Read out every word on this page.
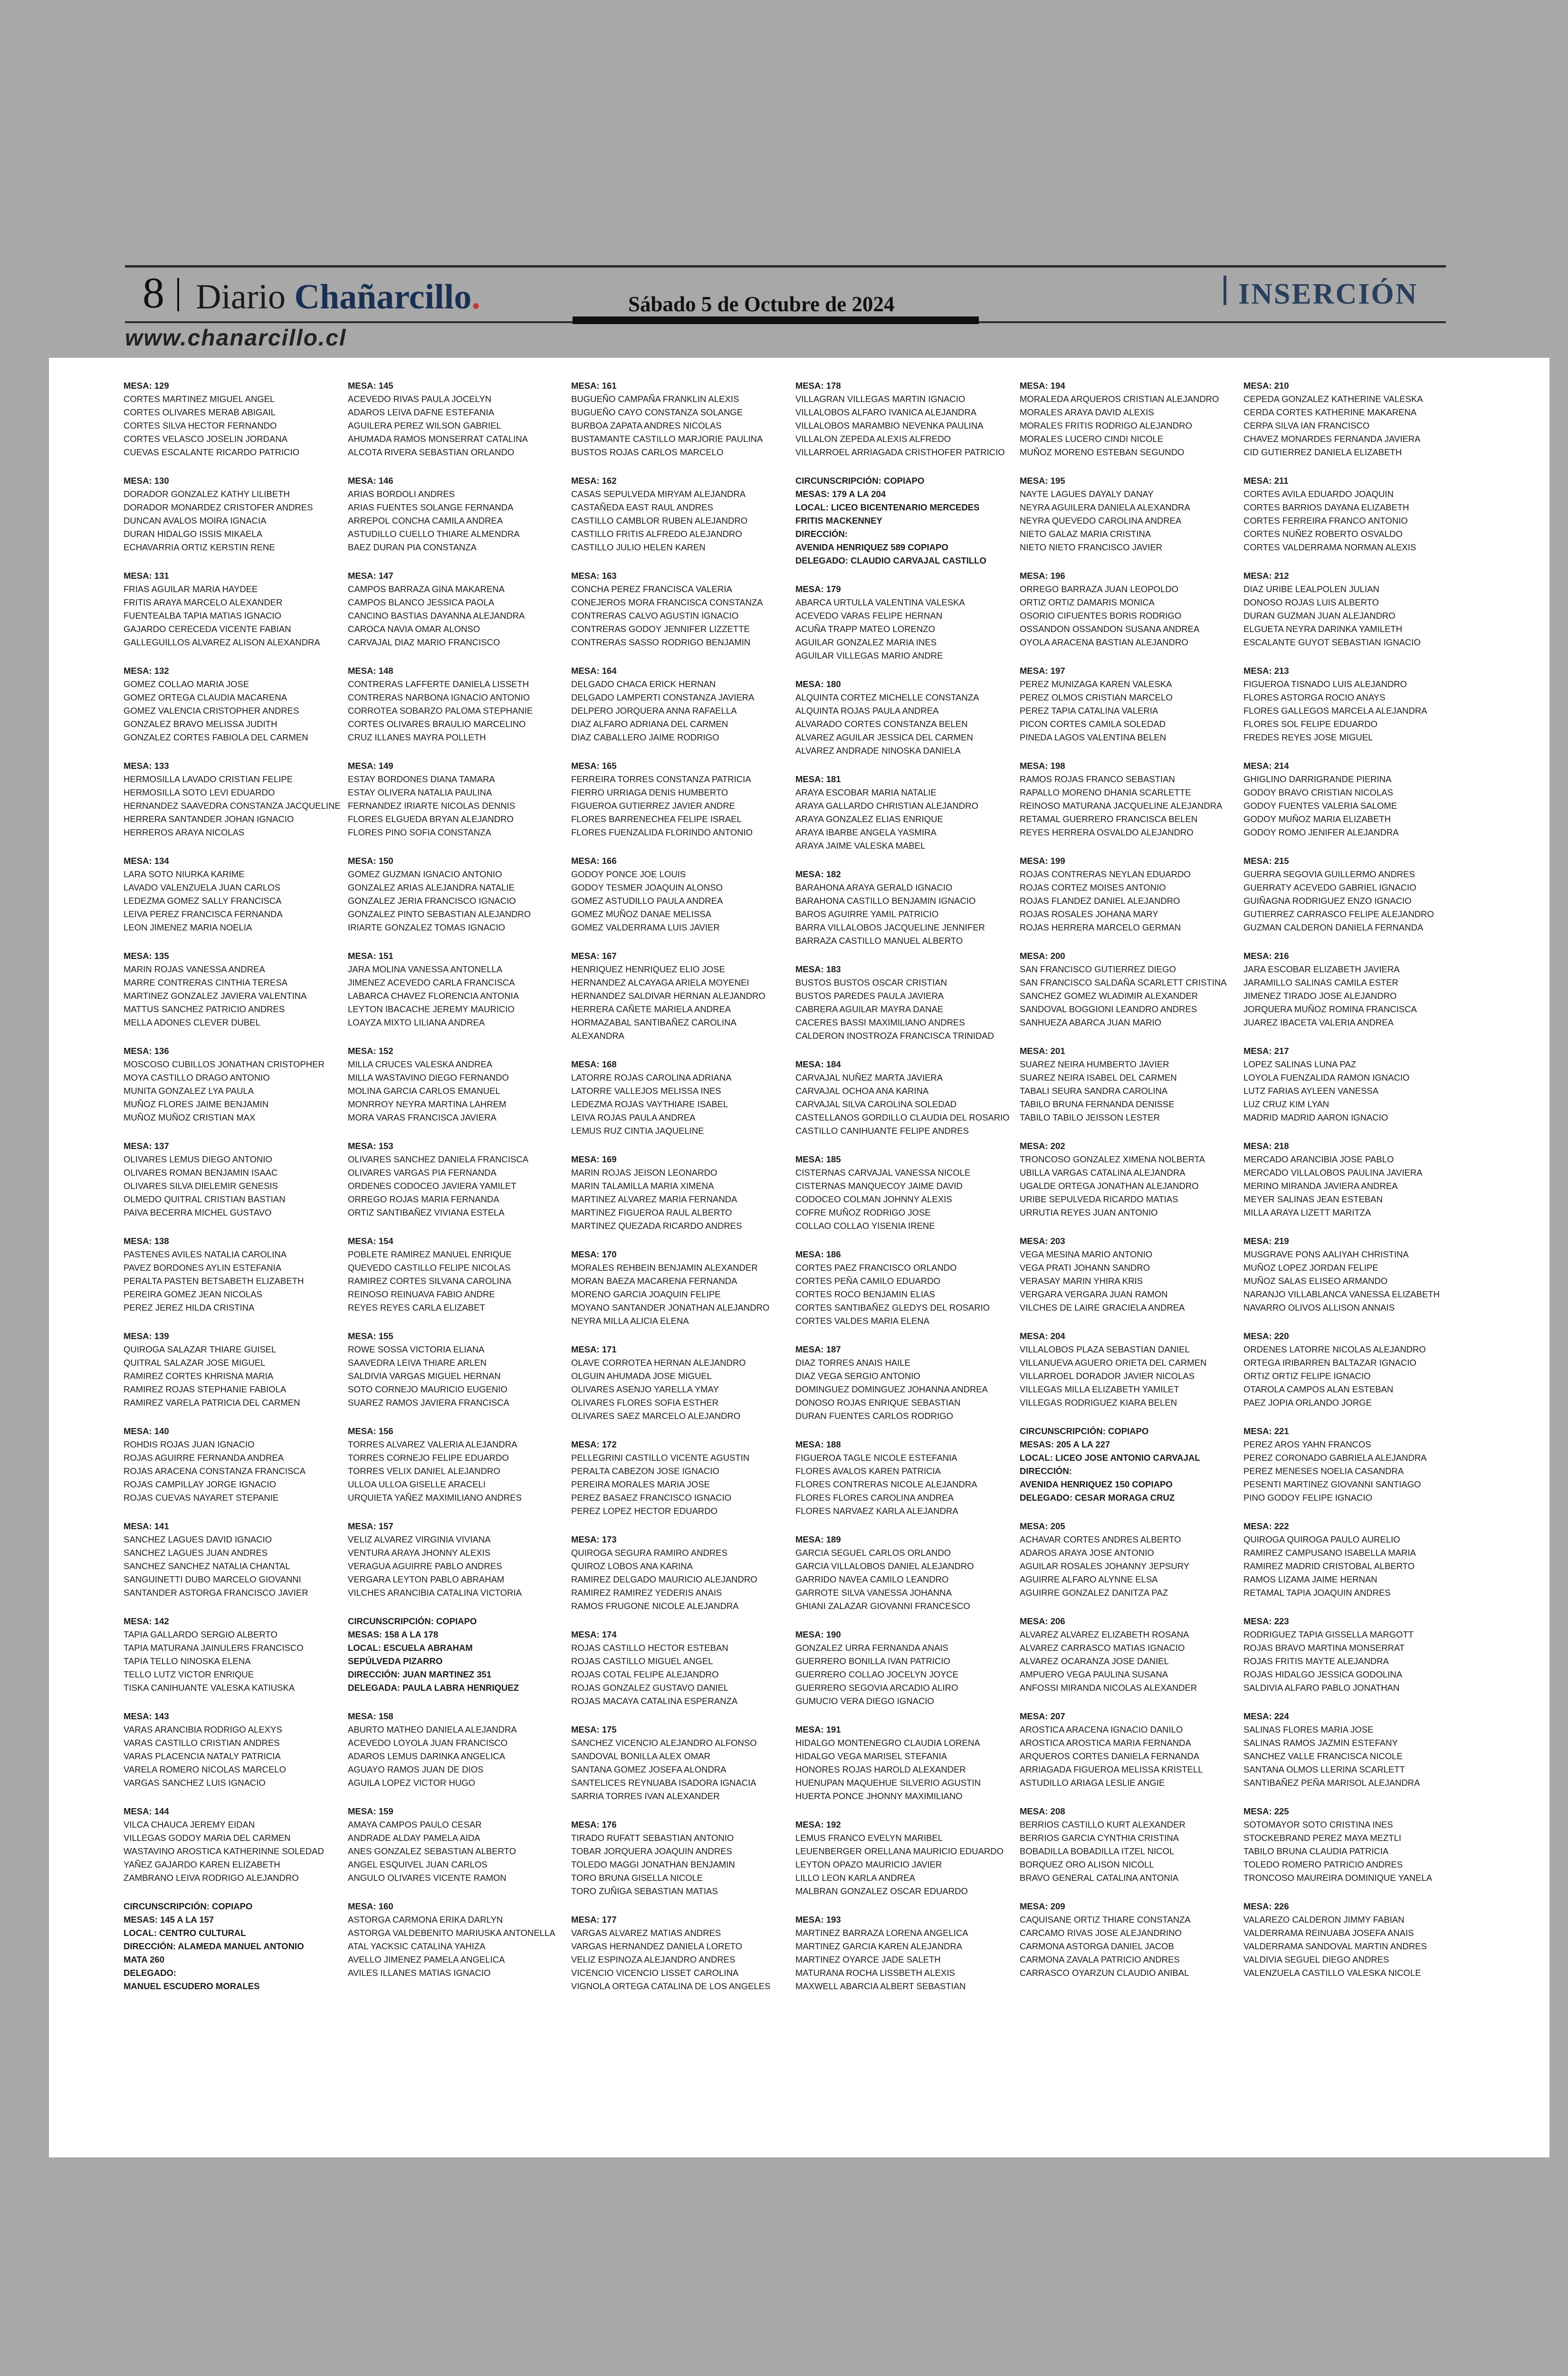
8 Diario Chañarcillo.	Sábado 5 de Octubre de 2024	INSERCIÓN
www.chanarcillo.cl
MESA: 129
CORTES MARTINEZ MIGUEL ANGEL
CORTES OLIVARES MERAB ABIGAIL
CORTES SILVA HECTOR FERNANDO
CORTES VELASCO JOSELIN JORDANA
CUEVAS ESCALANTE RICARDO PATRICIO
MESA: 130
DORADOR GONZALEZ KATHY LILIBETH
DORADOR MONARDEZ CRISTOFER ANDRES
DUNCAN AVALOS MOIRA IGNACIA
DURAN HIDALGO ISSIS MIKAELA
ECHAVARRIA ORTIZ KERSTIN RENE
MESA: 131
FRIAS AGUILAR MARIA HAYDEE
FRITIS ARAYA MARCELO ALEXANDER
FUENTEALBA TAPIA MATIAS IGNACIO
GAJARDO CERECEDA VICENTE FABIAN
GALLEGUILLOS ALVAREZ ALISON ALEXANDRA
MESA: 132
GOMEZ COLLAO MARIA JOSE
GOMEZ ORTEGA CLAUDIA MACARENA
GOMEZ VALENCIA CRISTOPHER ANDRES
GONZALEZ BRAVO MELISSA JUDITH
GONZALEZ CORTES FABIOLA DEL CARMEN
MESA: 133
HERMOSILLA LAVADO CRISTIAN FELIPE
HERMOSILLA SOTO LEVI EDUARDO
HERNANDEZ SAAVEDRA CONSTANZA JACQUELINE
HERRERA SANTANDER JOHAN IGNACIO
HERREROS ARAYA NICOLAS
MESA: 134
LARA SOTO NIURKA KARIME
LAVADO VALENZUELA JUAN CARLOS
LEDEZMA GOMEZ SALLY FRANCISCA
LEIVA PEREZ FRANCISCA FERNANDA
LEON JIMENEZ MARIA NOELIA
MESA: 135
MARIN ROJAS VANESSA ANDREA
MARRE CONTRERAS CINTHIA TERESA
MARTINEZ GONZALEZ JAVIERA VALENTINA
MATTUS SANCHEZ PATRICIO ANDRES
MELLA ADONES CLEVER DUBEL
MESA: 136
MOSCOSO CUBILLOS JONATHAN CRISTOPHER
MOYA CASTILLO DRAGO ANTONIO
MUNITA GONZALEZ LYA PAULA
MUÑOZ FLORES JAIME BENJAMIN
MUÑOZ MUÑOZ CRISTIAN MAX
MESA: 137
OLIVARES LEMUS DIEGO ANTONIO
OLIVARES ROMAN BENJAMIN ISAAC
OLIVARES SILVA DIELEMIR GENESIS
OLMEDO QUITRAL CRISTIAN BASTIAN
PAIVA BECERRA MICHEL GUSTAVO
MESA: 138
PASTENES AVILES NATALIA CAROLINA
PAVEZ BORDONES AYLIN ESTEFANIA
PERALTA PASTEN BETSABETH ELIZABETH
PEREIRA GOMEZ JEAN NICOLAS
PEREZ JEREZ HILDA CRISTINA
MESA: 139
QUIROGA SALAZAR THIARE GUISEL
QUITRAL SALAZAR JOSE MIGUEL
RAMIREZ CORTES KHRISNA MARIA
RAMIREZ ROJAS STEPHANIE FABIOLA
RAMIREZ VARELA PATRICIA DEL CARMEN
MESA: 140
ROHDIS ROJAS JUAN IGNACIO
ROJAS AGUIRRE FERNANDA ANDREA
ROJAS ARACENA CONSTANZA FRANCISCA
ROJAS CAMPILLAY JORGE IGNACIO
ROJAS CUEVAS NAYARET STEPANIE
MESA: 141
SANCHEZ LAGUES DAVID IGNACIO
SANCHEZ LAGUES JUAN ANDRES
SANCHEZ SANCHEZ NATALIA CHANTAL
SANGUINETTI DUBO MARCELO GIOVANNI
SANTANDER ASTORGA FRANCISCO JAVIER
MESA: 142
TAPIA GALLARDO SERGIO ALBERTO
TAPIA MATURANA JAINULERS FRANCISCO
TAPIA TELLO NINOSKA ELENA
TELLO LUTZ VICTOR ENRIQUE
TISKA CANIHUANTE VALESKA KATIUSKA
MESA: 143
VARAS ARANCIBIA RODRIGO ALEXYS
VARAS CASTILLO CRISTIAN ANDRES
VARAS PLACENCIA NATALY PATRICIA
VARELA ROMERO NICOLAS MARCELO
VARGAS SANCHEZ LUIS IGNACIO
MESA: 144
VILCA CHAUCA JEREMY EIDAN
VILLEGAS GODOY MARIA DEL CARMEN
WASTAVINO AROSTICA KATHERINNE SOLEDAD
YAÑEZ GAJARDO KAREN ELIZABETH
ZAMBRANO LEIVA RODRIGO ALEJANDRO
CIRCUNSCRIPCIÓN: COPIAPO
MESAS: 145 A LA 157
LOCAL: CENTRO CULTURAL
DIRECCIÓN: ALAMEDA MANUEL ANTONIO
MATA 260
DELEGADO:
MANUEL ESCUDERO MORALES
MESA: 145
ACEVEDO RIVAS PAULA JOCELYN
ADAROS LEIVA DAFNE ESTEFANIA
AGUILERA PEREZ WILSON GABRIEL
AHUMADA RAMOS MONSERRAT CATALINA
ALCOTA RIVERA SEBASTIAN ORLANDO
MESA: 146
ARIAS BORDOLI ANDRES
ARIAS FUENTES SOLANGE FERNANDA
ARREPOL CONCHA CAMILA ANDREA
ASTUDILLO CUELLO THIARE ALMENDRA
BAEZ DURAN PIA CONSTANZA
MESA: 147
CAMPOS BARRAZA GINA MAKARENA
CAMPOS BLANCO JESSICA PAOLA
CANCINO BASTIAS DAYANNA ALEJANDRA
CAROCA NAVIA OMAR ALONSO
CARVAJAL DIAZ MARIO FRANCISCO
MESA: 148
CONTRERAS LAFFERTE DANIELA LISSETH
CONTRERAS NARBONA IGNACIO ANTONIO
CORROTEA SOBARZO PALOMA STEPHANIE
CORTES OLIVARES BRAULIO MARCELINO
CRUZ ILLANES MAYRA POLLETH
MESA: 149
ESTAY BORDONES DIANA TAMARA
ESTAY OLIVERA NATALIA PAULINA
FERNANDEZ IRIARTE NICOLAS DENNIS
FLORES ELGUEDA BRYAN ALEJANDRO
FLORES PINO SOFIA CONSTANZA
MESA: 150
GOMEZ GUZMAN IGNACIO ANTONIO
GONZALEZ ARIAS ALEJANDRA NATALIE
GONZALEZ JERIA FRANCISCO IGNACIO
GONZALEZ PINTO SEBASTIAN ALEJANDRO
IRIARTE GONZALEZ TOMAS IGNACIO
MESA: 151
JARA MOLINA VANESSA ANTONELLA
JIMENEZ ACEVEDO CARLA FRANCISCA
LABARCA CHAVEZ FLORENCIA ANTONIA
LEYTON IBACACHE JEREMY MAURICIO
LOAYZA MIXTO LILIANA ANDREA
MESA: 152
MILLA CRUCES VALESKA ANDREA
MILLA WASTAVINO DIEGO FERNANDO
MOLINA GARCIA CARLOS EMANUEL
MONRROY NEYRA MARTINA LAHREM
MORA VARAS FRANCISCA JAVIERA
MESA: 153
OLIVARES SANCHEZ DANIELA FRANCISCA
OLIVARES VARGAS PIA FERNANDA
ORDENES CODOCEO JAVIERA YAMILET
ORREGO ROJAS MARIA FERNANDA
ORTIZ SANTIBAÑEZ VIVIANA ESTELA
MESA: 154
POBLETE RAMIREZ MANUEL ENRIQUE
QUEVEDO CASTILLO FELIPE NICOLAS
RAMIREZ CORTES SILVANA CAROLINA
REINOSO REINUAVA FABIO ANDRE
REYES REYES CARLA ELIZABET
MESA: 155
ROWE SOSSA VICTORIA ELIANA
SAAVEDRA LEIVA THIARE ARLEN
SALDIVIA VARGAS MIGUEL HERNAN
SOTO CORNEJO MAURICIO EUGENIO
SUAREZ RAMOS JAVIERA FRANCISCA
MESA: 156
TORRES ALVAREZ VALERIA ALEJANDRA
TORRES CORNEJO FELIPE EDUARDO
TORRES VELIX DANIEL ALEJANDRO
ULLOA ULLOA GISELLE ARACELI
URQUIETA YAÑEZ MAXIMILIANO ANDRES
MESA: 157
VELIZ ALVAREZ VIRGINIA VIVIANA
VENTURA ARAYA JHONNY ALEXIS
VERAGUA AGUIRRE PABLO ANDRES
VERGARA LEYTON PABLO ABRAHAM
VILCHES ARANCIBIA CATALINA VICTORIA
CIRCUNSCRIPCIÓN: COPIAPO
MESAS: 158 A LA 178
LOCAL: ESCUELA ABRAHAM
SEPÚLVEDA PIZARRO
DIRECCIÓN: JUAN MARTINEZ 351
DELEGADA: PAULA LABRA HENRIQUEZ
MESA: 158
ABURTO MATHEO DANIELA ALEJANDRA
ACEVEDO LOYOLA JUAN FRANCISCO
ADAROS LEMUS DARINKA ANGELICA
AGUAYO RAMOS JUAN DE DIOS
AGUILA LOPEZ VICTOR HUGO
MESA: 159
AMAYA CAMPOS PAULO CESAR
ANDRADE ALDAY PAMELA AIDA
ANES GONZALEZ SEBASTIAN ALBERTO
ANGEL ESQUIVEL JUAN CARLOS
ANGULO OLIVARES VICENTE RAMON
MESA: 160
ASTORGA CARMONA ERIKA DARLYN
ASTORGA VALDEBENITO MARIUSKA ANTONELLA
ATAL YACKSIC CATALINA YAHIZA
AVELLO JIMENEZ PAMELA ANGELICA
AVILES ILLANES MATIAS IGNACIO
MESA: 161
BUGUEÑO CAMPAÑA FRANKLIN ALEXIS
BUGUEÑO CAYO CONSTANZA SOLANGE
BURBOA ZAPATA ANDRES NICOLAS
BUSTAMANTE CASTILLO MARJORIE PAULINA
BUSTOS ROJAS CARLOS MARCELO
MESA: 162
CASAS SEPULVEDA MIRYAM ALEJANDRA
CASTAÑEDA EAST RAUL ANDRES
CASTILLO CAMBLOR RUBEN ALEJANDRO
CASTILLO FRITIS ALFREDO ALEJANDRO
CASTILLO JULIO HELEN KAREN
MESA: 163
CONCHA PEREZ FRANCISCA VALERIA
CONEJEROS MORA FRANCISCA CONSTANZA
CONTRERAS CALVO AGUSTIN IGNACIO
CONTRERAS GODOY JENNIFER LIZZETTE
CONTRERAS SASSO RODRIGO BENJAMIN
MESA: 164
DELGADO CHACA ERICK HERNAN
DELGADO LAMPERTI CONSTANZA JAVIERA
DELPERO JORQUERA ANNA RAFAELLA
DIAZ ALFARO ADRIANA DEL CARMEN
DIAZ CABALLERO JAIME RODRIGO
MESA: 165
FERREIRA TORRES CONSTANZA PATRICIA
FIERRO URRIAGA DENIS HUMBERTO
FIGUEROA GUTIERREZ JAVIER ANDRE
FLORES BARRENECHEA FELIPE ISRAEL
FLORES FUENZALIDA FLORINDO ANTONIO
MESA: 166
GODOY PONCE JOE LOUIS
GODOY TESMER JOAQUIN ALONSO
GOMEZ ASTUDILLO PAULA ANDREA
GOMEZ MUÑOZ DANAE MELISSA
GOMEZ VALDERRAMA LUIS JAVIER
MESA: 167
HENRIQUEZ HENRIQUEZ ELIO JOSE
HERNANDEZ ALCAYAGA ARIELA MOYENEI
HERNANDEZ SALDIVAR HERNAN ALEJANDRO
HERRERA CAÑETE MARIELA ANDREA
HORMAZABAL SANTIBAÑEZ CAROLINA
ALEXANDRA
MESA: 168
LATORRE ROJAS CAROLINA ADRIANA
LATORRE VALLEJOS MELISSA INES
LEDEZMA ROJAS VAYTHIARE ISABEL
LEIVA ROJAS PAULA ANDREA
LEMUS RUZ CINTIA JAQUELINE
MESA: 169
MARIN ROJAS JEISON LEONARDO
MARIN TALAMILLA MARIA XIMENA
MARTINEZ ALVAREZ MARIA FERNANDA
MARTINEZ FIGUEROA RAUL ALBERTO
MARTINEZ QUEZADA RICARDO ANDRES
MESA: 170
MORALES REHBEIN BENJAMIN ALEXANDER
MORAN BAEZA MACARENA FERNANDA
MORENO GARCIA JOAQUIN FELIPE
MOYANO SANTANDER JONATHAN ALEJANDRO
NEYRA MILLA ALICIA ELENA
MESA: 171
OLAVE CORROTEA HERNAN ALEJANDRO
OLGUIN AHUMADA JOSE MIGUEL
OLIVARES ASENJO YARELLA YMAY
OLIVARES FLORES SOFIA ESTHER
OLIVARES SAEZ MARCELO ALEJANDRO
MESA: 172
PELLEGRINI CASTILLO VICENTE AGUSTIN
PERALTA CABEZON JOSE IGNACIO
PEREIRA MORALES MARIA JOSE
PEREZ BASAEZ FRANCISCO IGNACIO
PEREZ LOPEZ HECTOR EDUARDO
MESA: 173
QUIROGA SEGURA RAMIRO ANDRES
QUIROZ LOBOS ANA KARINA
RAMIREZ DELGADO MAURICIO ALEJANDRO
RAMIREZ RAMIREZ YEDERIS ANAIS
RAMOS FRUGONE NICOLE ALEJANDRA
MESA: 174
ROJAS CASTILLO HECTOR ESTEBAN
ROJAS CASTILLO MIGUEL ANGEL
ROJAS COTAL FELIPE ALEJANDRO
ROJAS GONZALEZ GUSTAVO DANIEL
ROJAS MACAYA CATALINA ESPERANZA
MESA: 175
SANCHEZ VICENCIO ALEJANDRO ALFONSO
SANDOVAL BONILLA ALEX OMAR
SANTANA GOMEZ JOSEFA ALONDRA
SANTELICES REYNUABA ISADORA IGNACIA
SARRIA TORRES IVAN ALEXANDER
MESA: 176
TIRADO RUFATT SEBASTIAN ANTONIO
TOBAR JORQUERA JOAQUIN ANDRES
TOLEDO MAGGI JONATHAN BENJAMIN
TORO BRUNA GISELLA NICOLE
TORO ZUÑIGA SEBASTIAN MATIAS
MESA: 177
VARGAS ALVAREZ MATIAS ANDRES
VARGAS HERNANDEZ DANIELA LORETO
VELIZ ESPINOZA ALEJANDRO ANDRES
VICENCIO VICENCIO LISSET CAROLINA
VIGNOLA ORTEGA CATALINA DE LOS ANGELES
MESA: 178
VILLAGRAN VILLEGAS MARTIN IGNACIO
VILLALOBOS ALFARO IVANICA ALEJANDRA
VILLALOBOS MARAMBIO NEVENKA PAULINA
VILLALON ZEPEDA ALEXIS ALFREDO
VILLARROEL ARRIAGADA CRISTHOFER PATRICIO
CIRCUNSCRIPCIÓN: COPIAPO
MESAS: 179 A LA 204
LOCAL: LICEO BICENTENARIO MERCEDES
FRITIS MACKENNEY
DIRECCIÓN:
AVENIDA HENRIQUEZ 589 COPIAPO
DELEGADO: CLAUDIO CARVAJAL CASTILLO
MESA: 179
ABARCA URTULLA VALENTINA VALESKA
ACEVEDO VARAS FELIPE HERNAN
ACUÑA TRAPP MATEO LORENZO
AGUILAR GONZALEZ MARIA INES
AGUILAR VILLEGAS MARIO ANDRE
MESA: 180
ALQUINTA CORTEZ MICHELLE CONSTANZA
ALQUINTA ROJAS PAULA ANDREA
ALVARADO CORTES CONSTANZA BELEN
ALVAREZ AGUILAR JESSICA DEL CARMEN
ALVAREZ ANDRADE NINOSKA DANIELA
MESA: 181
ARAYA ESCOBAR MARIA NATALIE
ARAYA GALLARDO CHRISTIAN ALEJANDRO
ARAYA GONZALEZ ELIAS ENRIQUE
ARAYA IBARBE ANGELA YASMIRA
ARAYA JAIME VALESKA MABEL
MESA: 182
BARAHONA ARAYA GERALD IGNACIO
BARAHONA CASTILLO BENJAMIN IGNACIO
BAROS AGUIRRE YAMIL PATRICIO
BARRA VILLALOBOS JACQUELINE JENNIFER
BARRAZA CASTILLO MANUEL ALBERTO
MESA: 183
BUSTOS BUSTOS OSCAR CRISTIAN
BUSTOS PAREDES PAULA JAVIERA
CABRERA AGUILAR MAYRA DANAE
CACERES BASSI MAXIMILIANO ANDRES
CALDERON INOSTROZA FRANCISCA TRINIDAD
MESA: 184
CARVAJAL NUÑEZ MARTA JAVIERA
CARVAJAL OCHOA ANA KARINA
CARVAJAL SILVA CAROLINA SOLEDAD
CASTELLANOS GORDILLO CLAUDIA DEL ROSARIO
CASTILLO CANIHUANTE FELIPE ANDRES
MESA: 185
CISTERNAS CARVAJAL VANESSA NICOLE
CISTERNAS MANQUECOY JAIME DAVID
CODOCEO COLMAN JOHNNY ALEXIS
COFRE MUÑOZ RODRIGO JOSE
COLLAO COLLAO YISENIA IRENE
MESA: 186
CORTES PAEZ FRANCISCO ORLANDO
CORTES PEÑA CAMILO EDUARDO
CORTES ROCO BENJAMIN ELIAS
CORTES SANTIBAÑEZ GLEDYS DEL ROSARIO
CORTES VALDES MARIA ELENA
MESA: 187
DIAZ TORRES ANAIS HAILE
DIAZ VEGA SERGIO ANTONIO
DOMINGUEZ DOMINGUEZ JOHANNA ANDREA
DONOSO ROJAS ENRIQUE SEBASTIAN
DURAN FUENTES CARLOS RODRIGO
MESA: 188
FIGUEROA TAGLE NICOLE ESTEFANIA
FLORES AVALOS KAREN PATRICIA
FLORES CONTRERAS NICOLE ALEJANDRA
FLORES FLORES CAROLINA ANDREA
FLORES NARVAEZ KARLA ALEJANDRA
MESA: 189
GARCIA SEGUEL CARLOS ORLANDO
GARCIA VILLALOBOS DANIEL ALEJANDRO
GARRIDO NAVEA CAMILO LEANDRO
GARROTE SILVA VANESSA JOHANNA
GHIANI ZALAZAR GIOVANNI FRANCESCO
MESA: 190
GONZALEZ URRA FERNANDA ANAIS
GUERRERO BONILLA IVAN PATRICIO
GUERRERO COLLAO JOCELYN JOYCE
GUERRERO SEGOVIA ARCADIO ALIRO
GUMUCIO VERA DIEGO IGNACIO
MESA: 191
HIDALGO MONTENEGRO CLAUDIA LORENA
HIDALGO VEGA MARISEL STEFANIA
HONORES ROJAS HAROLD ALEXANDER
HUENUPAN MAQUEHUE SILVERIO AGUSTIN
HUERTA PONCE JHONNY MAXIMILIANO
MESA: 192
LEMUS FRANCO EVELYN MARIBEL
LEUENBERGER ORELLANA MAURICIO EDUARDO
LEYTON OPAZO MAURICIO JAVIER
LILLO LEON KARLA ANDREA
MALBRAN GONZALEZ OSCAR EDUARDO
MESA: 193
MARTINEZ BARRAZA LORENA ANGELICA
MARTINEZ GARCIA KAREN ALEJANDRA
MARTINEZ OYARCE JADE SALETH
MATURANA ROCHA LISSBETH ALEXIS
MAXWELL ABARCIA ALBERT SEBASTIAN
MESA: 194
MORALEDA ARQUEROS CRISTIAN ALEJANDRO
MORALES ARAYA DAVID ALEXIS
MORALES FRITIS RODRIGO ALEJANDRO
MORALES LUCERO CINDI NICOLE
MUÑOZ MORENO ESTEBAN SEGUNDO
MESA: 195
NAYTE LAGUES DAYALY DANAY
NEYRA AGUILERA DANIELA ALEXANDRA
NEYRA QUEVEDO CAROLINA ANDREA
NIETO GALAZ MARIA CRISTINA
NIETO NIETO FRANCISCO JAVIER
MESA: 196
ORREGO BARRAZA JUAN LEOPOLDO
ORTIZ ORTIZ DAMARIS MONICA
OSORIO CIFUENTES BORIS RODRIGO
OSSANDON OSSANDON SUSANA ANDREA
OYOLA ARACENA BASTIAN ALEJANDRO
MESA: 197
PEREZ MUNIZAGA KAREN VALESKA
PEREZ OLMOS CRISTIAN MARCELO
PEREZ TAPIA CATALINA VALERIA
PICON CORTES CAMILA SOLEDAD
PINEDA LAGOS VALENTINA BELEN
MESA: 198
RAMOS ROJAS FRANCO SEBASTIAN
RAPALLO MORENO DHANIA SCARLETTE
REINOSO MATURANA JACQUELINE ALEJANDRA
RETAMAL GUERRERO FRANCISCA BELEN
REYES HERRERA OSVALDO ALEJANDRO
MESA: 199
ROJAS CONTRERAS NEYLAN EDUARDO
ROJAS CORTEZ MOISES ANTONIO
ROJAS FLANDEZ DANIEL ALEJANDRO
ROJAS ROSALES JOHANA MARY
ROJAS HERRERA MARCELO GERMAN
MESA: 200
SAN FRANCISCO GUTIERREZ DIEGO
SAN FRANCISCO SALDAÑA SCARLETT CRISTINA
SANCHEZ GOMEZ WLADIMIR ALEXANDER
SANDOVAL BOGGIONI LEANDRO ANDRES
SANHUEZA ABARCA JUAN MARIO
MESA: 201
SUAREZ NEIRA HUMBERTO JAVIER
SUAREZ NEIRA ISABEL DEL CARMEN
TABALI SEURA SANDRA CAROLINA
TABILO BRUNA FERNANDA DENISSE
TABILO TABILO JEISSON LESTER
MESA: 202
TRONCOSO GONZALEZ XIMENA NOLBERTA
UBILLA VARGAS CATALINA ALEJANDRA
UGALDE ORTEGA JONATHAN ALEJANDRO
URIBE SEPULVEDA RICARDO MATIAS
URRUTIA REYES JUAN ANTONIO
MESA: 203
VEGA MESINA MARIO ANTONIO
VEGA PRATI JOHANN SANDRO
VERASAY MARIN YHIRA KRIS
VERGARA VERGARA JUAN RAMON
VILCHES DE LAIRE GRACIELA ANDREA
MESA: 204
VILLALOBOS PLAZA SEBASTIAN DANIEL
VILLANUEVA AGUERO ORIETA DEL CARMEN
VILLARROEL DORADOR JAVIER NICOLAS
VILLEGAS MILLA ELIZABETH YAMILET
VILLEGAS RODRIGUEZ KIARA BELEN
CIRCUNSCRIPCIÓN: COPIAPO
MESAS: 205 A LA 227
LOCAL: LICEO JOSE ANTONIO CARVAJAL
DIRECCIÓN:
AVENIDA HENRIQUEZ 150 COPIAPO
DELEGADO: CESAR MORAGA CRUZ
MESA: 205
ACHAVAR CORTES ANDRES ALBERTO
ADAROS ARAYA JOSE ANTONIO
AGUILAR ROSALES JOHANNY JEPSURY
AGUIRRE ALFARO ALYNNE ELSA
AGUIRRE GONZALEZ DANITZA PAZ
MESA: 206
ALVAREZ ALVAREZ ELIZABETH ROSANA
ALVAREZ CARRASCO MATIAS IGNACIO
ALVAREZ OCARANZA JOSE DANIEL
AMPUERO VEGA PAULINA SUSANA
ANFOSSI MIRANDA NICOLAS ALEXANDER
MESA: 207
AROSTICA ARACENA IGNACIO DANILO
AROSTICA AROSTICA MARIA FERNANDA
ARQUEROS CORTES DANIELA FERNANDA
ARRIAGADA FIGUEROA MELISSA KRISTELL
ASTUDILLO ARIAGA LESLIE ANGIE
MESA: 208
BERRIOS CASTILLO KURT ALEXANDER
BERRIOS GARCIA CYNTHIA CRISTINA
BOBADILLA BOBADILLA ITZEL NICOL
BORQUEZ ORO ALISON NICOLL
BRAVO GENERAL CATALINA ANTONIA
MESA: 209
CAQUISANE ORTIZ THIARE CONSTANZA
CARCAMO RIVAS JOSE ALEJANDRINO
CARMONA ASTORGA DANIEL JACOB
CARMONA ZAVALA PATRICIO ANDRES
CARRASCO OYARZUN CLAUDIO ANIBAL
MESA: 210
CEPEDA GONZALEZ KATHERINE VALESKA
CERDA CORTES KATHERINE MAKARENA
CERPA SILVA IAN FRANCISCO
CHAVEZ MONARDES FERNANDA JAVIERA
CID GUTIERREZ DANIELA ELIZABETH
MESA: 211
CORTES AVILA EDUARDO JOAQUIN
CORTES BARRIOS DAYANA ELIZABETH
CORTES FERREIRA FRANCO ANTONIO
CORTES NUÑEZ ROBERTO OSVALDO
CORTES VALDERRAMA NORMAN ALEXIS
MESA: 212
DIAZ URIBE LEALPOLEN JULIAN
DONOSO ROJAS LUIS ALBERTO
DURAN GUZMAN JUAN ALEJANDRO
ELGUETA NEYRA DARINKA YAMILETH
ESCALANTE GUYOT SEBASTIAN IGNACIO
MESA: 213
FIGUEROA TISNADO LUIS ALEJANDRO
FLORES ASTORGA ROCIO ANAYS
FLORES GALLEGOS MARCELA ALEJANDRA
FLORES SOL FELIPE EDUARDO
FREDES REYES JOSE MIGUEL
MESA: 214
GHIGLINO DARRIGRANDE PIERINA
GODOY BRAVO CRISTIAN NICOLAS
GODOY FUENTES VALERIA SALOME
GODOY MUÑOZ MARIA ELIZABETH
GODOY ROMO JENIFER ALEJANDRA
MESA: 215
GUERRA SEGOVIA GUILLERMO ANDRES
GUERRATY ACEVEDO GABRIEL IGNACIO
GUIÑAGNA RODRIGUEZ ENZO IGNACIO
GUTIERREZ CARRASCO FELIPE ALEJANDRO
GUZMAN CALDERON DANIELA FERNANDA
MESA: 216
JARA ESCOBAR ELIZABETH JAVIERA
JARAMILLO SALINAS CAMILA ESTER
JIMENEZ TIRADO JOSE ALEJANDRO
JORQUERA MUÑOZ ROMINA FRANCISCA
JUAREZ IBACETA VALERIA ANDREA
MESA: 217
LOPEZ SALINAS LUNA PAZ
LOYOLA FUENZALIDA RAMON IGNACIO
LUTZ FARIAS AYLEEN VANESSA
LUZ CRUZ KIM LYAN
MADRID MADRID AARON IGNACIO
MESA: 218
MERCADO ARANCIBIA JOSE PABLO
MERCADO VILLALOBOS PAULINA JAVIERA
MERINO MIRANDA JAVIERA ANDREA
MEYER SALINAS JEAN ESTEBAN
MILLA ARAYA LIZETT MARITZA
MESA: 219
MUSGRAVE PONS AALIYAH CHRISTINA
MUÑOZ LOPEZ JORDAN FELIPE
MUÑOZ SALAS ELISEO ARMANDO
NARANJO VILLABLANCA VANESSA ELIZABETH
NAVARRO OLIVOS ALLISON ANNAIS
MESA: 220
ORDENES LATORRE NICOLAS ALEJANDRO
ORTEGA IRIBARREN BALTAZAR IGNACIO
ORTIZ ORTIZ FELIPE IGNACIO
OTAROLA CAMPOS ALAN ESTEBAN
PAEZ JOPIA ORLANDO JORGE
MESA: 221
PEREZ AROS YAHN FRANCOS
PEREZ CORONADO GABRIELA ALEJANDRA
PEREZ MENESES NOELIA CASANDRA
PESENTI MARTINEZ GIOVANNI SANTIAGO
PINO GODOY FELIPE IGNACIO
MESA: 222
QUIROGA QUIROGA PAULO AURELIO
RAMIREZ CAMPUSANO ISABELLA MARIA
RAMIREZ MADRID CRISTOBAL ALBERTO
RAMOS LIZAMA JAIME HERNAN
RETAMAL TAPIA JOAQUIN ANDRES
MESA: 223
RODRIGUEZ TAPIA GISSELLA MARGOTT
ROJAS BRAVO MARTINA MONSERRAT
ROJAS FRITIS MAYTE ALEJANDRA
ROJAS HIDALGO JESSICA GODOLINA
SALDIVIA ALFARO PABLO JONATHAN
MESA: 224
SALINAS FLORES MARIA JOSE
SALINAS RAMOS JAZMIN ESTEFANY
SANCHEZ VALLE FRANCISCA NICOLE
SANTANA OLMOS LLERINA SCARLETT
SANTIBAÑEZ PEÑA MARISOL ALEJANDRA
MESA: 225
SOTOMAYOR SOTO CRISTINA INES
STOCKEBRAND PEREZ MAYA MEZTLI
TABILO BRUNA CLAUDIA PATRICIA
TOLEDO ROMERO PATRICIO ANDRES
TRONCOSO MAUREIRA DOMINIQUE YANELA
MESA: 226
VALAREZO CALDERON JIMMY FABIAN
VALDERRAMA REINUABA JOSEFA ANAIS
VALDERRAMA SANDOVAL MARTIN ANDRES
VALDIVIA SEGUEL DIEGO ANDRES
VALENZUELA CASTILLO VALESKA NICOLE
